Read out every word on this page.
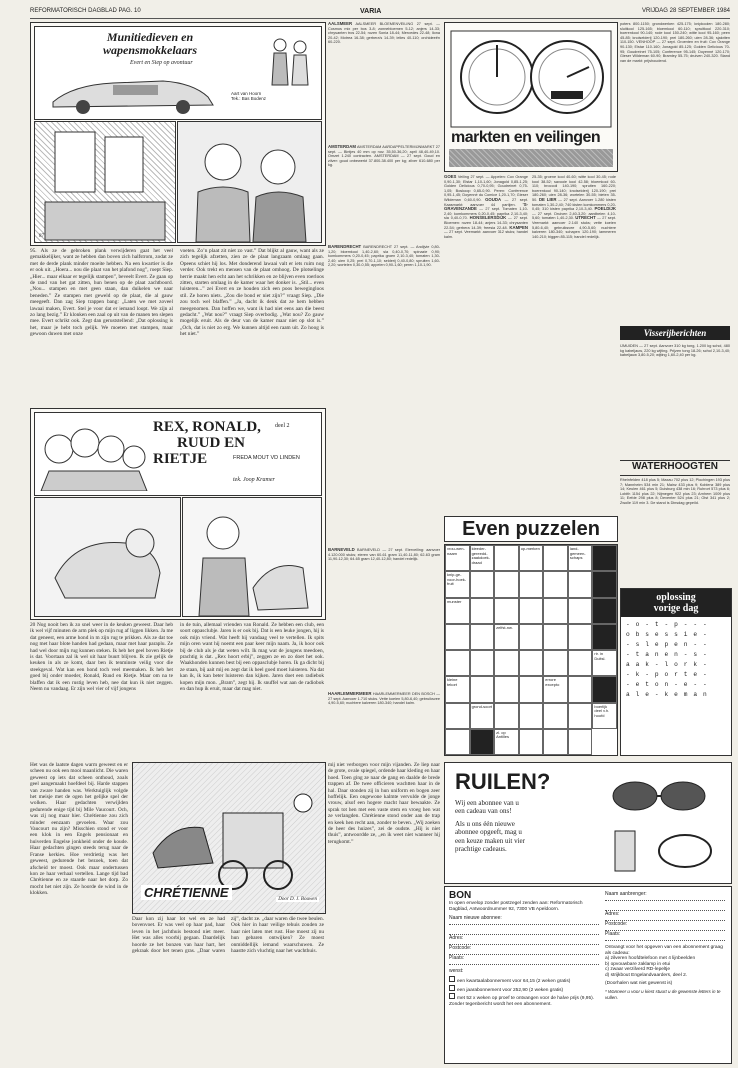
REFORMATORISCH DAGBLAD PAG. 10	VARIA	VRIJDAG 28 SEPTEMBER 1984
Munitiedieven en
wapensmokkelaars
Evert en Siep op avontuur
Aart van Hoorn
Tek.: Bas Bodenz
87
95. Als ze de gebroken plank verwijderen gaat het veel gemakkelijker, want ze hebben dan boven zich halfstrom, zodat ze met de derde plank minder moeite hebben. Na een kwartier is die er ook uit. „Hoera... nou die plaat van het plafond nog”, roept Siep. „Hier... maar elkaar er tegelijk stampen”, beveelt Evert. Ze gaan op de rand van het gat zitten, hun benen op de plaat zachtboord. „Nou... stampen en met geen staan, dan duikelen we naar beneden.” Ze stampen met geweld op de plaat, die al gauw meegeeft. Dan zag Siep trappen bang: „Laten we met zoveel lawaai maken, Evert. Stel je voor dat er iemand loopt. We zijn al zo lang bezig.” Er klonken een zaal op uit van de manen ten slepen mee. Evert schrikt ook. Zegt dan geruststellend: „Dat oplossing is het, maar je hebt toch gelijk. We moeten met stampen, maar gewoon duwen met onze
voeten. Zo’n plaat zit niet zo vast.” Dat blijkt al gauw, want als ze zich tegelijk afzetten, zien ze de plaat langzaam omlaag gaan. Opeens schiet hij los. Met donderend lawaai valt er iets ruim nog verder. Ook trekt en mensen van de plaat omhoog. De plotselinge herrie maakt hen echt aan het schrikken en ze blijven even roerloos zitten, starten omlaag in de kamer waar het donker is. „Stil... even luisteren...” zei Evert en ze houden zich een poos bewegingloos stil. Ze horen niets. „Zou die bond er niet zijn?” vraagt Siep. „Die zou toch wel blaffen.” „Ja, dacht ik denk dat ze hem hebben meegenomen. Dan hoffen we, want ik had niet eens aan die beest gedacht.” „Wat nou?” vraagt Siep overbodig. „Wat nou? Zo gauw mogelijk eruit. Als de deur van de kamer maar niet op slot is.” „Och, dat is niet zo erg. We kunnen altijd een raam uit. Zo hoog is het niet.”
AALSMEER AALSMEER BLOEMENVEILING 27 sept. — Cosmos mix per bos 3-8; zonnebloemen 5-12; anjers 14-33; chrysanten tros 22-54; rozen Sonia 18-44; Mercedes 22-48; Ilona 20-42; Motrea 16-38; gerbera’s 14-39; lelies 40-110; orchideeën 60-220.
AMSTERDAM AMSTERDAM AARDAPPELTERMIJNMARKT 27 sept. — Bintjes 40 mm op nov. 35,50-36,20; april 48,40-49,10. Omzet 1.240 contracten. AMSTERDAM — 27 sept. Goud en zilver: goud onbewerkt 37.800-38.400 per kg; zilver 610-680 per kg.
BARENDRECHT BARENDRECHT 27 sept. — Andijvie 0,80-1,20; bloemkool 1,40-2,60; sla 0,40-0,70; spinazie 0,90; komkommers 0,20-0,45; paprika groen 2,10-3,40; tomaten 1,30-2,40; uien 0,25; prei 0,70-1,10; selderij 0,40-0,80; spruiten 1,60-2,20; wortelen 0,30-0,55; appelen 0,90-1,60; peren 1,10-1,90.
BARNEVELD BARNEVELD — 27 sept. Eierveiling: aanvoer 4.120.000 stuks; eieren van 60-61 gram 11,40-11,80; 62-63 gram 11,90-12,30; 64-65 gram 12,40-12,80; handel redelijk.
HAARLEMMERMEER HAARLEMMERMEER DEN BOSCH — 27 sept. Aanvoer 1.710 stuks. Vette koeien 5,80-6,40; gebruiksvee 4,90-5,60; nuchtere kalveren 180-340; handel kalm.
markten en veilingen
GOES Veiling 27 sept. — Appelen: Cox Orange 0,90-1,30; Elstar 1,10-1,60; Jonagold 0,85-1,25; Golden Delicious 0,70-0,95; Goudreinet 0,75-1,05; Boskoop 0,65-0,90. Peren: Conference 0,95-1,45; Doyenné du Comice 1,20-1,70; Gieser Wildeman 0,60-0,90. GOUDA — 27 sept. Kaasmarkt: aanvoer 44 partijen. 'S-GRAVENZANDE — 27 sept. Tomaten 1,10-2,40; komkommers 0,20-0,45; paprika 2,10-3,40; sla 0,40-0,70. HONSELERSDIJK — 27 sept. Bloemen: rozen 18-44; anjers 14-33; chrysanten 22-54; gerbera 14-39; freesia 22-48. KAMPEN — 27 sept. Veemarkt: aanvoer 312 stuks; handel kalm.
25-35; groene kool 40-60; witte kool 30-45; rode kool 38-52; savooie kool 42-58; bloemkool 60-110; broccoli 140-190; spruiten 160-220; boerenkool 90-140; knolselderij 120-190; prei 180-260; uien 28-36; wortelen 30-55; bieten 35-50. DE LIER — 27 sept. Aanvoer 1.280 kisten tomaten 1,30-2,40; 740 kisten komkommers 0,20-0,45; 310 kisten paprika 2,10-3,40. POELDIJK — 27 sept. Druiven 2,40-3,20; aardbeien 4,10-5,60; tomaten 1,40-2,30. UTRECHT — 27 sept. Veemarkt: aanvoer 2.140 stuks; vette koeien 5,80-6,40; gebruiksvee 4,90-5,60; nuchtere kalveren 180-340; schapen 120-190; lammeren 140-210; biggen 85-115; handel redelijk.
poters 800-1150; grondwerken 425-175; knipkoolen 180-280; sluitkool 125-165; bloemkool 60-110; spruitkool 220-310; boerenkool 90-140; rode kool 150-240; witte kool 95-160; peen 45-85; knolselderij 120-190; prei 180-260; uien 28-36; sjalotten 110-150. VENHOOP — 27 sept. Groenten en fruit: Cox Orange 90-130; Elstar 110-160; Jonagold 85-125; Golden Delicious 70-95; Goudreinet 75-105; Conference 95-145; Doyenné 120-170; Gieser Wildeman 60-90; Bramley 55-75; druiven 240-320. Stand van de markt: prijshoudend.
Visserijberichten
IJMUIDEN — 27 sept. Aanvoer 310 kg tong, 1.200 kg schol, 480 kg kabeljauw, 220 kg wijting. Prijzen tong 18-26; schol 2,10-3,40; kabeljauw 3,80-5,20; wijting 1,60-2,40 per kg.
WATERHOOGTEN
Rheinfelden 418 plus 5; Maxau 702 plus 12; Plochingen 193 plus 7; Mannheim 534 min 21; Mainz 433 plus 9; Koblenz 389 plus 14; Keulen 461 plus 5; Duisburg 438 min 16; Ruhrort 573 plus 6; Lobith 1154 plus 22; Nijmegen 922 plus 23; Arnhem 1009 plus 11; Eefde 298 plus 8; Deventer 524 plus 21; Olst 341 plus 2; Zwolle 119 min 3. De stand is Dinsdag gepeild.
REX, RONALD,
RUUD EN
RIETJE
deel 2
FREDA MOUT VD LINDEN
tek. Joop Kramer
20 Nog nooit ben ik zo snel weer in de keuken geweest. Daar heb ik wel vijf minuten de arm plek op mijn rug af liggen likken. Ja me dat geneest, een arme hond in m zijn rug te prikken. Als ze dat toe nog met haar blote handen had gedaan, maar met haar paraplu. Ze had wel door mijn rug kunnen steken. Ik heb het geel boven Rietje is dat. Voortaan zal ik wel uit haar buurt blijven. Ik zie gelijk de keuken in als ze komt, daar ben ik tenminste veilig voor die steekgeval. Wat kan een hond toch veel meemaken. Ik heb het goed bij onder moeder, Ronald, Ruud en Rietje. Maar om na te blaffen dat ik een rustig leven heb, nee dat kun ik niet zeggen. Neem nu vandaag. Er zijn wel vier of vijf jongens
in de tuin, allemaal vrienden van Ronald. Ze hebben een club, een soort oppasclubje. Jaren is er ook bij. Dat is een leuke jongen, hij is ook mijn vriend. Wat heeft hij vandaag veel te vertellen. Ik spits mijn oren want hij noemt een paar keer mijn naam. Ja, ik hoor ook bij de club als je dat weten wilt. Ik mag wat de jongens meedoen, prachtig is dat. „Rex hoort erbij”, zeggen ze en zo doet het ook. Waakhonden kunnen best bij een oppasclubje horen. Ik ga dicht bij ze staan, bij aait mij en zegt dat ik heel goed moet luisteren. Na dat kan ik, ik kan beter luisteren dan kijken. Jaren doet een radiebok kopen mijn mon. „Bram”, zegt hij. Ik snuffel wat aan de radiobok en dan hup ik eruit, maar dat mag niet.
Even puzzelen
vrou-wen-naam
kleeder-gereedd-zaakdoek-draad
op-merken	land-gemeen-schaps
knip-ge-voor-hoek-fruit
munster
zelfst-nw.
rir. in Duitsl.
kleine tekort
errore excepto
grond-soort	boerlijk deel v.h. hoofd
zl. op Antilles
oplossing
vorige dag
- o - t - p - - -
o b s e s s i e -
- s l e p e n - -
- t a n e n - s -
a a k - l o r k -
- k - p o r t e -
- e t o n - e - -
a l e - k e m a n
Het was de laatste dagen warm geweest en er scheen nu ook een mooi maanlicht. Die waren geweest op iets dat scheen onthoud, zoals geel aangemaakt hoefdeel bij. Harde stappen van zware handen was. Werktuiglijk volgde het meisje met de ogen het gelijke spel der wolken. Haar gedachten verwijlden gedurende enige tijd bij Mile Vaucourt. Och, was zij nog maar hier. Chrétienne zou zich minder eenzaam gevoelen. Waar zou Vaucourt nu zijn? Misschien stond er voor een klok in een Engels pensionaat en huiverden Engelse jonkheid onder de koude. Haar gedachten gingen steeds terug naar de Franse kerkies. Hoe verdrietig was het geweest, gedurende het bezoek, toen dat afscheid ter moest. Ook maar ondertussen kon ze haar verhaal vertellen. Lange tijd bad Chrétienne en ze staarde naar het dorp. Zo mocht het niet zijn. Ze hoorde de wind in de klokken.	CHRÉTIENNE	Door D. J. Bouwen
Daar kon zij haar lot wel en ze had bovenvoet. Er was veel op haar pad, haar leven in het jachthuis bestond niet meer. Het was alles voorbij gegaan. Daardelijk hoorde ze het bonzen van haar hart, het gekraak door het tenen gras. „Daar waren zij”, dacht ze. „daar waren die twee beulen. Ook hier in haar veilige tehuis zouden ze haar niet laten met rust. Hoe moest zij nu hun gebaren ontwijken? Ze moest onmiddellijk iemand waarschuwen. Ze haastte zich vluchtig naar het wachthuis.
mij niet verborgen voor mijn vijanden. Ze liep naar de grote, ovale spiegel, ordende haar kleding en haar hoed. Toen ging ze naar de gang en daalde de brede trappen af. De twee officieren wachtten haar in de hal. Daar stonden zij in hun uniform en bogen zeer hoffelijk. Een ongewone kalmte vervulde de jonge vrouw, alsof een hogere macht haar bewaakte. Ze sprak tot hen met een vaste stem en vroeg hen wat ze verlangden. Chrétienne stond onder aan de trap en keek hen recht aan, zonder te beven. „Wij zoeken de heer des huizes”, zei de oudste. „Hij is niet thuis”, antwoordde ze, „en ik weet niet wanneer hij terugkomt.”
RUILEN?
Wij een abonnee van u
een cadeau van ons!
Als u ons één nieuwe
abonnee opgeeft, mag u
een keuze maken uit vier
prachtige cadeaus.
BON
In open envelop zonder postzegel zenden aan: Reformatorisch Dagblad, Antwoordnummer 92, 7300 VB Apeldoorn.
Naam nieuwe abonnee:
Adres:
Postcode:
Plaats:
wenst:
een kwartaalabonnement voor 64,15 (2 weken gratis)
een jaarabonnement voor 252,90 (2 weken gratis)
met 52 x weken op proef te ontvangen voor de halve prijs (9,95). Zonder tegenbericht wordt het een abonnement.
Naam aanbrenger:
Adres:
Postcode:
Plaats:
Ontvangt voor het opgeven van een abonnement graag als cadeau:
a) zilveren hoofdtelefoon met 4 lijnbeelden
b) opvouwbare zaklamp in etui
c) zwaar verzilverd RD-lepeltje
d) strijkbout Engelandvaarders, deel 2.
(Doorhalen wat niet gewenst is)
* Wanneer u voor u kiest stuurt u de gewenste letters in te vullen.
